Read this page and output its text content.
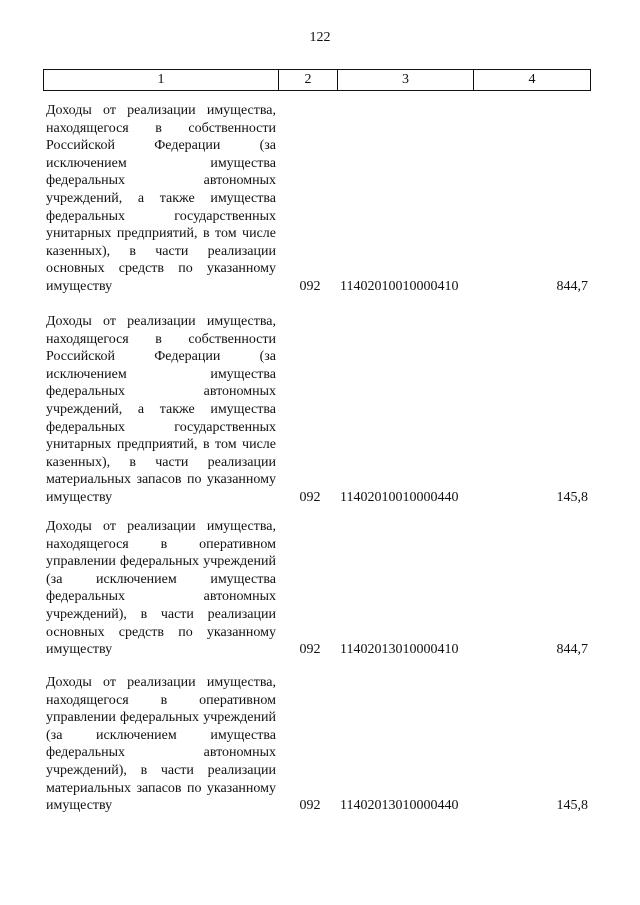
122
1	2	3	4
Доходы от реализации имущества, находящегося в собственности Российской Федерации (за исключением имущества федеральных автономных учреждений, а также имущества федеральных государственных унитарных предприятий, в том числе казенных), в части реализации основных средств по указанному имуществу	092	11402010010000410	844,7
Доходы от реализации имущества, находящегося в собственности Российской Федерации (за исключением имущества федеральных автономных учреждений, а также имущества федеральных государственных унитарных предприятий, в том числе казенных), в части реализации материальных запасов по указанному имуществу	092	11402010010000440	145,8
Доходы от реализации имущества, находящегося в оперативном управлении федеральных учреждений (за исключением имущества федеральных автономных учреждений), в части реализации основных средств по указанному имуществу	092	11402013010000410	844,7
Доходы от реализации имущества, находящегося в оперативном управлении федеральных учреждений (за исключением имущества федеральных автономных учреждений), в части реализации материальных запасов по указанному имуществу	092	11402013010000440	145,8
